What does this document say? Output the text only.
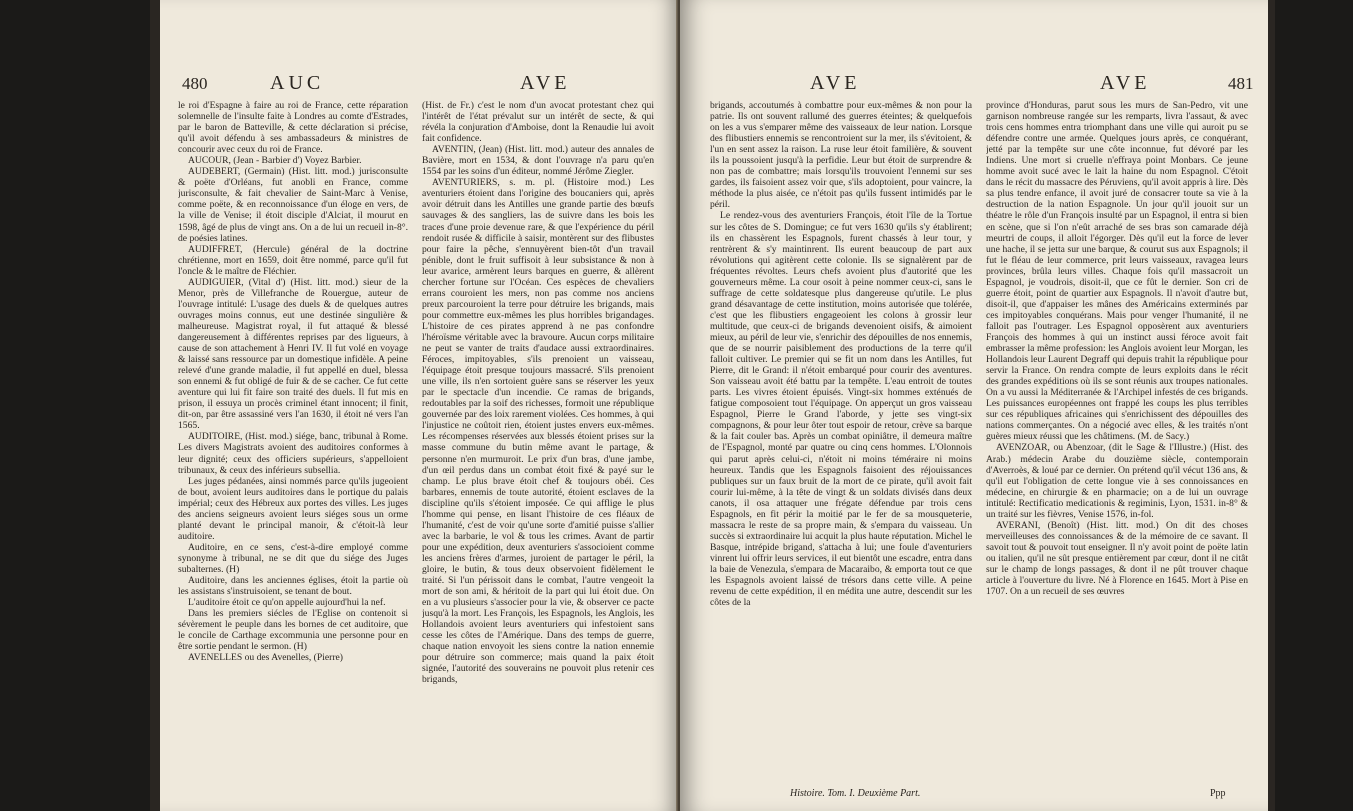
480	AUC	AVE

le roi d'Espagne à faire au roi de France, cette réparation solemnelle de l'insulte faite à Londres au comte d'Estrades, par le baron de Batteville, & cette déclaration si précise, qu'il avoit défendu à ses ambassadeurs & ministres de concourir avec ceux du roi de France.

AUCOUR, (Jean - Barbier d') Voyez Barbier.

AUDEBERT, (Germain) (Hist. litt. mod.) jurisconsulte & poëte d'Orléans, fut anobli en France, comme jurisconsulte, & fait chevalier de Saint-Marc à Venise, comme poëte, & en reconnoissance d'un éloge en vers, de la ville de Venise; il étoit disciple d'Alciat, il mourut en 1598, âgé de plus de vingt ans. On a de lui un recueil in-8°. de poésies latines.

AUDIFFRET, (Hercule) général de la doctrine chrétienne, mort en 1659, doit être nommé, parce qu'il fut l'oncle & le maître de Fléchier.

AUDIGUIER, (Vital d') (Hist. litt. mod.) sieur de la Menor, près de Villefranche de Rouergue, auteur de l'ouvrage intitulé: L'usage des duels & de quelques autres ouvrages moins connus, eut une destinée singulière & malheureuse. Magistrat royal, il fut attaqué & blessé dangereusement à différentes reprises par des ligueurs, à cause de son attachement à Henri IV. Il fut volé en voyage & laissé sans ressource par un domestique infidèle. A peine relevé d'une grande maladie, il fut appellé en duel, blessa son ennemi & fut obligé de fuir & de se cacher. Ce fut cette aventure qui lui fit faire son traité des duels. Il fut mis en prison, il essuya un procès criminel étant innocent; il finit, dit-on, par être assassiné vers l'an 1630, il étoit né vers l'an 1565.

AUDITOIRE, (Hist. mod.) siége, banc, tribunal à Rome. Les divers Magistrats avoient des auditoires conformes à leur dignité; ceux des officiers supérieurs, s'appelloient tribunaux, & ceux des inférieurs subsellia.

Les juges pédanées, ainsi nommés parce qu'ils jugeoient de bout, avoient leurs auditoires dans le portique du palais impérial; ceux des Hébreux aux portes des villes. Les juges des anciens seigneurs avoient leurs siéges sous un orme planté devant le principal manoir, & c'étoit-là leur auditoire.

Auditoire, en ce sens, c'est-à-dire employé comme synonyme à tribunal, ne se dit que du siége des Juges subalternes. (H)

Auditoire, dans les anciennes églises, étoit la partie où les assistans s'instruisoient, se tenant de bout.

L'auditoire étoit ce qu'on appelle aujourd'hui la nef.

Dans les premiers siécles de l'Eglise on contenoit si sévèrement le peuple dans les bornes de cet auditoire, que le concile de Carthage excommunia une personne pour en être sortie pendant le sermon. (H)

AVENELLES ou des Avenelles, (Pierre)

(Hist. de Fr.) c'est le nom d'un avocat protestant chez qui l'intérêt de l'état prévalut sur un intérêt de secte, & qui révéla la conjuration d'Amboise, dont la Renaudie lui avoit fait confidence.

AVENTIN, (Jean) (Hist. litt. mod.) auteur des annales de Bavière, mort en 1534, & dont l'ouvrage n'a paru qu'en 1554 par les soins d'un éditeur, nommé Jérôme Ziegler.

AVENTURIERS, s. m. pl. (Histoire mod.) Les aventuriers étoient dans l'origine des boucaniers qui, après avoir détruit dans les Antilles une grande partie des bœufs sauvages & des sangliers, las de suivre dans les bois les traces d'une proie devenue rare, & que l'expérience du péril rendoit rusée & difficile à saisir, montèrent sur des flibustes pour faire la pêche, s'ennuyèrent bien-tôt d'un travail pénible, dont le fruit suffisoit à leur subsistance & non à leur avarice, armèrent leurs barques en guerre, & allèrent chercher fortune sur l'Océan. Ces espèces de chevaliers errans couroient les mers, non pas comme nos anciens preux parcouroient la terre pour détruire les brigands, mais pour commettre eux-mêmes les plus horribles brigandages. L'histoire de ces pirates apprend à ne pas confondre l'héroïsme véritable avec la bravoure. Aucun corps militaire ne peut se vanter de traits d'audace aussi extraordinaires. Féroces, impitoyables, s'ils prenoient un vaisseau, l'équipage étoit presque toujours massacré. S'ils prenoient une ville, ils n'en sortoient guère sans se réserver les yeux par le spectacle d'un incendie. Ce ramas de brigands, redoutables par la soif des richesses, formoit une république gouvernée par des loix rarement violées. Ces hommes, à qui l'injustice ne coûtoit rien, étoient justes envers eux-mêmes. Les récompenses réservées aux blessés étoient prises sur la masse commune du butin même avant le partage, & personne n'en murmuroit. Le prix d'un bras, d'une jambe, d'un œil perdus dans un combat étoit fixé & payé sur le champ. Le plus brave étoit chef & toujours obéi. Ces barbares, ennemis de toute autorité, étoient esclaves de la discipline qu'ils s'étoient imposée. Ce qui afflige le plus l'homme qui pense, en lisant l'histoire de ces fléaux de l'humanité, c'est de voir qu'une sorte d'amitié puisse s'allier avec la barbarie, le vol & tous les crimes. Avant de partir pour une expédition, deux aventuriers s'associoient comme les anciens frères d'armes, juroient de partager le péril, la gloire, le butin, & tous deux observoient fidèlement le traité. Si l'un périssoit dans le combat, l'autre vengeoit la mort de son ami, & héritoit de la part qui lui étoit due. On en a vu plusieurs s'associer pour la vie, & observer ce pacte jusqu'à la mort. Les François, les Espagnols, les Anglois, les Hollandois avoient leurs aventuriers qui infestoient sans cesse les côtes de l'Amérique. Dans des temps de guerre, chaque nation envoyoit les siens contre la nation ennemie pour détruire son commerce; mais quand la paix étoit signée, l'autorité des souverains ne pouvoit plus retenir ces brigands,

AVE	AVE	481

brigands, accoutumés à combattre pour eux-mêmes & non pour la patrie. Ils ont souvent rallumé des guerres éteintes; & quelquefois on les a vus s'emparer même des vaisseaux de leur nation. Lorsque des flibustiers ennemis se rencontroient sur la mer, ils s'évitoient, & l'un en sent assez la raison. La ruse leur étoit familière, & souvent ils la poussoient jusqu'à la perfidie. Leur but étoit de surprendre & non pas de combattre; mais lorsqu'ils trouvoient l'ennemi sur ses gardes, ils faisoient assez voir que, s'ils adoptoient, pour vaincre, la méthode la plus aisée, ce n'étoit pas qu'ils fussent intimidés par le péril.

Le rendez-vous des aventuriers François, étoit l'île de la Tortue sur les côtes de S. Domingue; ce fut vers 1630 qu'ils s'y établirent; ils en chassèrent les Espagnols, furent chassés à leur tour, y rentrèrent & s'y maintinrent. Ils eurent beaucoup de part aux révolutions qui agitèrent cette colonie. Ils se signalèrent par de fréquentes révoltes. Leurs chefs avoient plus d'autorité que les gouverneurs même. La cour osoit à peine nommer ceux-ci, sans le suffrage de cette soldatesque plus dangereuse qu'utile. Le plus grand désavantage de cette institution, moins autorisée que tolérée, c'est que les flibustiers engageoient les colons à grossir leur multitude, que ceux-ci de brigands devenoient oisifs, & aimoient mieux, au péril de leur vie, s'enrichir des dépouilles de nos ennemis, que de se nourrir paisiblement des productions de la terre qu'il falloit cultiver. Le premier qui se fit un nom dans les Antilles, fut Pierre, dit le Grand: il n'étoit embarqué pour courir des aventures. Son vaisseau avoit été battu par la tempête. L'eau entroit de toutes parts. Les vivres étoient épuisés. Vingt-six hommes exténués de fatigue composoient tout l'équipage. On apperçut un gros vaisseau Espagnol, Pierre le Grand l'aborde, y jette ses vingt-six compagnons, & pour leur ôter tout espoir de retour, crève sa barque & la fait couler bas. Après un combat opiniâtre, il demeura maître de l'Espagnol, monté par quatre ou cinq cens hommes. L'Olonnois qui parut après celui-ci, n'étoit ni moins téméraire ni moins heureux. Tandis que les Espagnols faisoient des réjouissances publiques sur un faux bruit de la mort de ce pirate, qu'il avoit fait courir lui-même, à la tête de vingt & un soldats divisés dans deux canots, il osa attaquer une frégate défendue par trois cens Espagnols, en fit périr la moitié par le fer de sa mousqueterie, massacra le reste de sa propre main, & s'empara du vaisseau. Un succès si extraordinaire lui acquit la plus haute réputation. Michel le Basque, intrépide brigand, s'attacha à lui; une foule d'aventuriers vinrent lui offrir leurs services, il eut bientôt une escadre, entra dans la baie de Venezula, s'empara de Macaraibo, & emporta tout ce que les Espagnols avoient laissé de trésors dans cette ville. A peine revenu de cette expédition, il en médita une autre, descendit sur les côtes de la

province d'Honduras, parut sous les murs de San-Pedro, vit une garnison nombreuse rangée sur les remparts, livra l'assaut, & avec trois cens hommes entra triomphant dans une ville qui auroit pu se défendre contre une armée. Quelques jours après, ce conquérant, jetté par la tempête sur une côte inconnue, fut dévoré par les Indiens. Une mort si cruelle n'effraya point Monbars. Ce jeune homme avoit sucé avec le lait la haine du nom Espagnol. C'étoit dans le récit du massacre des Péruviens, qu'il avoit appris à lire. Dès sa plus tendre enfance, il avoit juré de consacrer toute sa vie à la destruction de la nation Espagnole. Un jour qu'il jouoit sur un théatre le rôle d'un François insulté par un Espagnol, il entra si bien en scène, que si l'on n'eût arraché de ses bras son camarade déjà meurtri de coups, il alloit l'égorger. Dès qu'il eut la force de lever une hache, il se jetta sur une barque, & courut sus aux Espagnols; il fut le fléau de leur commerce, prit leurs vaisseaux, ravagea leurs provinces, brûla leurs villes. Chaque fois qu'il massacroit un Espagnol, je voudrois, disoit-il, que ce fût le dernier. Son cri de guerre étoit, point de quartier aux Espagnols. Il n'avoit d'autre but, disoit-il, que d'appaiser les mânes des Américains exterminés par ces impitoyables conquérans. Mais pour venger l'humanité, il ne falloit pas l'outrager. Les Espagnol opposèrent aux aventuriers François des hommes à qui un instinct aussi féroce avoit fait embrasser la même profession: les Anglois avoient leur Morgan, les Hollandois leur Laurent Degraff qui depuis trahit la république pour servir la France. On rendra compte de leurs exploits dans le récit des grandes expéditions où ils se sont réunis aux troupes nationales. On a vu aussi la Méditerranée & l'Archipel infestés de ces brigands. Les puissances européennes ont frappé les coups les plus terribles sur ces républiques africaines qui s'enrichissent des dépouilles des nations commerçantes. On a négocié avec elles, & les traités n'ont guères mieux réussi que les châtimens. (M. de Sacy.)

AVENZOAR, ou Abenzoar, (dit le Sage & l'Illustre.) (Hist. des Arab.) médecin Arabe du douzième siècle, contemporain d'Averroès, & loué par ce dernier. On prétend qu'il vécut 136 ans, & qu'il eut l'obligation de cette longue vie à ses connoissances en médecine, en chirurgie & en pharmacie; on a de lui un ouvrage intitulé: Rectificatio medicationis & regiminis, Lyon, 1531. in-8° & un traité sur les fièvres, Venise 1576, in-fol.

AVERANI, (Benoît) (Hist. litt. mod.) On dit des choses merveilleuses des connoissances & de la mémoire de ce savant. Il savoit tout & pouvoit tout enseigner. Il n'y avoit point de poëte latin ou italien, qu'il ne sût presque entièrement par cœur, dont il ne citât sur le champ de longs passages, & dont il ne pût trouver chaque article à l'ouverture du livre. Né à Florence en 1645. Mort à Pise en 1707. On a un recueil de ses œuvres

Histoire. Tom. I. Deuxième Part.	Ppp
